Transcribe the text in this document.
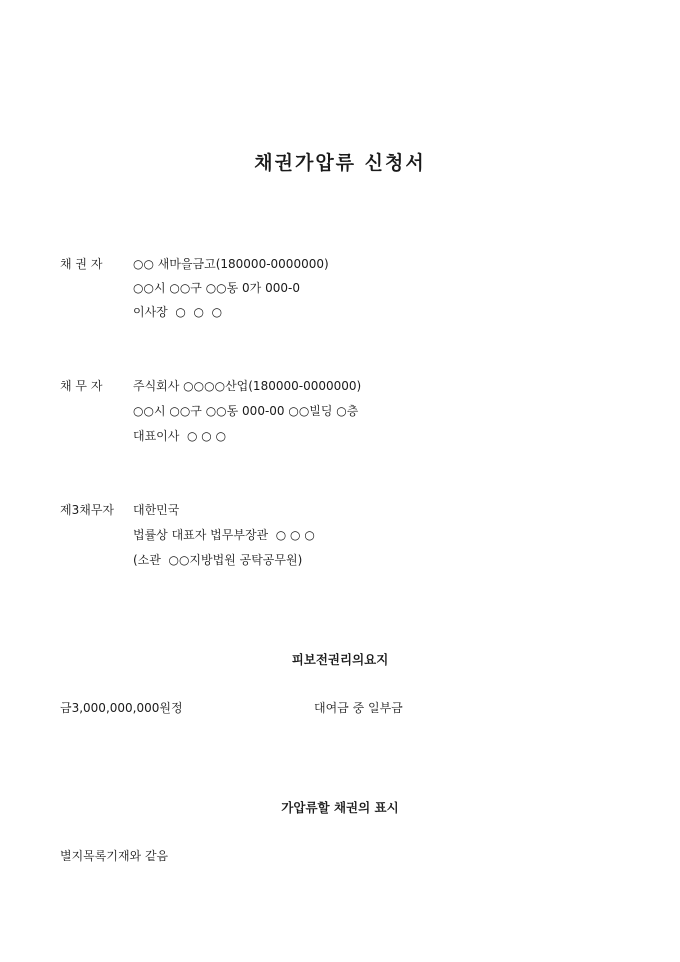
채권가압류 신청서
채 권 자	○○ 새마을금고(180000-0000000)
○○시 ○○구 ○○동 0가 000-0
이사장  ○  ○  ○
채 무 자	주식회사 ○○○○산업(180000-0000000)
○○시 ○○구 ○○동 000-00 ○○빌딩 ○층
대표이사  ○ ○ ○
제3채무자 대한민국
법률상 대표자 법무부장관  ○ ○ ○
(소관  ○○지방법원 공탁공무원)
피보전권리의요지
금3,000,000,000원정	대여금 중 일부금
가압류할 채권의 표시
별지목록기재와 같음
